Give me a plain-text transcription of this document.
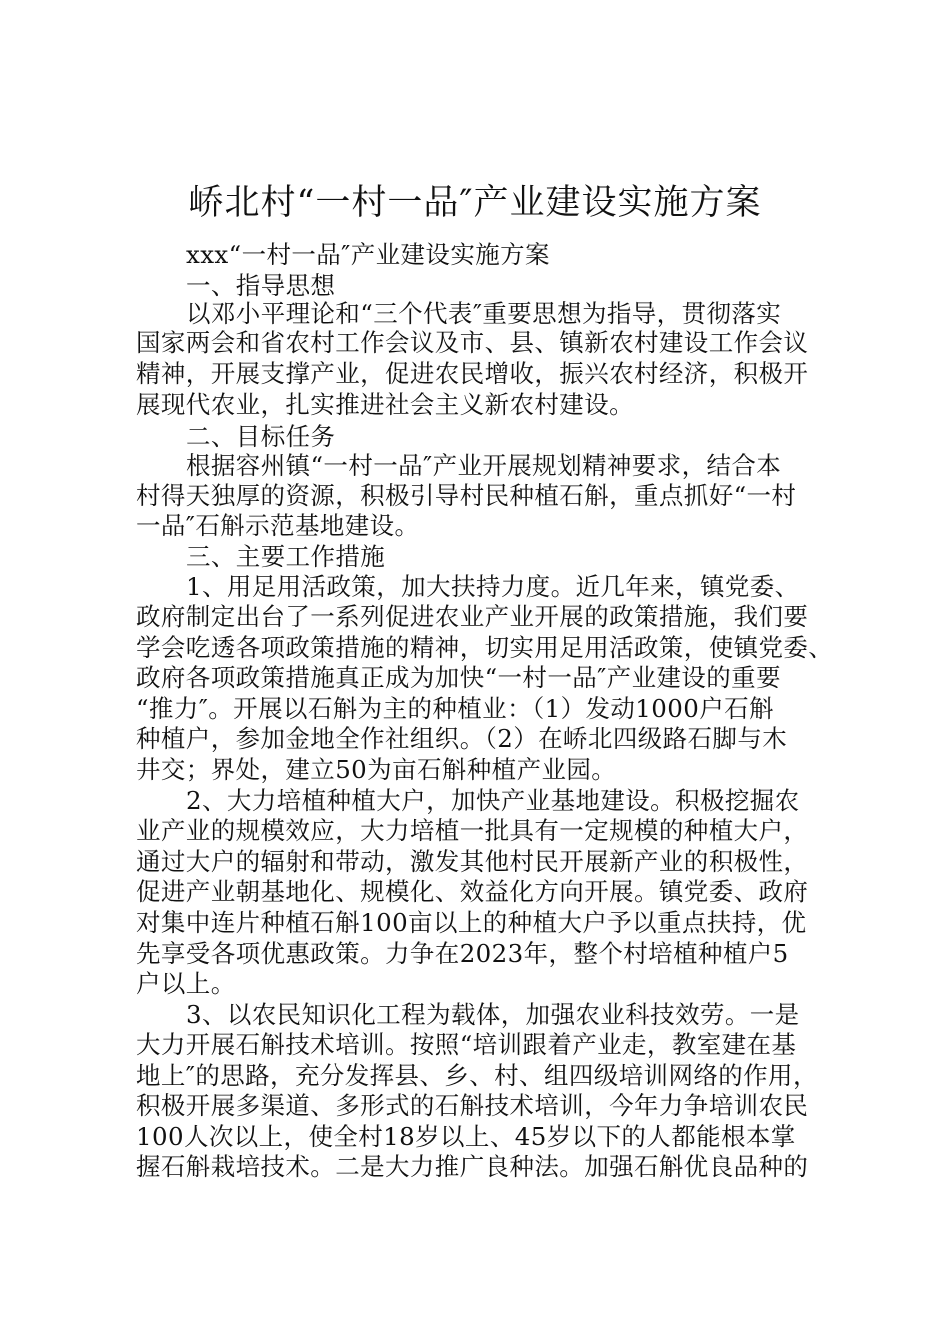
峤北村“一村一品″产业建设实施方案
xxx“一村一品″产业建设实施方案
一、指导思想
以邓小平理论和“三个代表″重要思想为指导，贯彻落实
国家两会和省农村工作会议及市、县、镇新农村建设工作会议
精神，开展支撑产业，促进农民增收，振兴农村经济，积极开
展现代农业，扎实推进社会主义新农村建设。
二、目标任务
根据容州镇“一村一品″产业开展规划精神要求，结合本
村得天独厚的资源，积极引导村民种植石斛，重点抓好“一村
一品″石斛示范基地建设。
三、主要工作措施
1、用足用活政策，加大扶持力度。近几年来，镇党委、
政府制定出台了一系列促进农业产业开展的政策措施，我们要
学会吃透各项政策措施的精神，切实用足用活政策，使镇党委、
政府各项政策措施真正成为加快“一村一品″产业建设的重要
“推力″。开展以石斛为主的种植业：（1）发动1000户石斛
种植户，参加金地全作社组织。（2）在峤北四级路石脚与木
井交；界处，建立50为亩石斛种植产业园。
2、大力培植种植大户，加快产业基地建设。积极挖掘农
业产业的规模效应，大力培植一批具有一定规模的种植大户，
通过大户的辐射和带动，激发其他村民开展新产业的积极性，
促进产业朝基地化、规模化、效益化方向开展。镇党委、政府
对集中连片种植石斛100亩以上的种植大户予以重点扶持，优
先享受各项优惠政策。力争在2023年，整个村培植种植户5
户以上。
3、以农民知识化工程为载体，加强农业科技效劳。一是
大力开展石斛技术培训。按照“培训跟着产业走，教室建在基
地上″的思路，充分发挥县、乡、村、组四级培训网络的作用，
积极开展多渠道、多形式的石斛技术培训，今年力争培训农民
100人次以上，使全村18岁以上、45岁以下的人都能根本掌
握石斛栽培技术。二是大力推广良种法。加强石斛优良品种的
